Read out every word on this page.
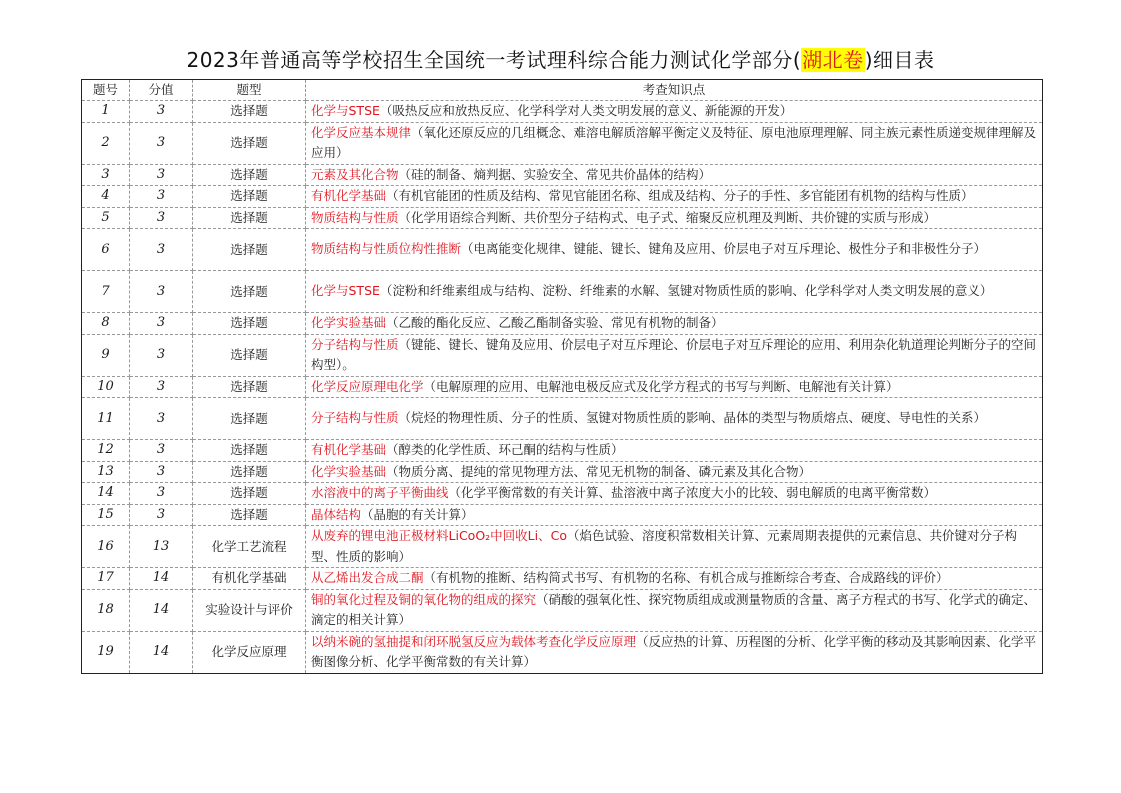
2023年普通高等学校招生全国统一考试理科综合能力测试化学部分(湖北卷)细目表
题号	分值	题型	考查知识点
1	3	选择题	化学与STSE（吸热反应和放热反应、化学科学对人类文明发展的意义、新能源的开发）
2	3	选择题	化学反应基本规律（氧化还原反应的几组概念、难溶电解质溶解平衡定义及特征、原电池原理理解、同主族元素性质递变规律理解及应用）
3	3	选择题	元素及其化合物（硅的制备、熵判据、实验安全、常见共价晶体的结构）
4	3	选择题	有机化学基础（有机官能团的性质及结构、常见官能团名称、组成及结构、分子的手性、多官能团有机物的结构与性质）
5	3	选择题	物质结构与性质（化学用语综合判断、共价型分子结构式、电子式、缩聚反应机理及判断、共价键的实质与形成）
6	3	选择题	物质结构与性质位构性推断（电离能变化规律、键能、键长、键角及应用、价层电子对互斥理论、极性分子和非极性分子）
7	3	选择题	化学与STSE（淀粉和纤维素组成与结构、淀粉、纤维素的水解、氢键对物质性质的影响、化学科学对人类文明发展的意义）
8	3	选择题	化学实验基础（乙酸的酯化反应、乙酸乙酯制备实验、常见有机物的制备）
9	3	选择题	分子结构与性质（键能、键长、键角及应用、价层电子对互斥理论、价层电子对互斥理论的应用、利用杂化轨道理论判断分子的空间构型）。
10	3	选择题	化学反应原理电化学（电解原理的应用、电解池电极反应式及化学方程式的书写与判断、电解池有关计算）
11	3	选择题	分子结构与性质（烷烃的物理性质、分子的性质、氢键对物质性质的影响、晶体的类型与物质熔点、硬度、导电性的关系）
12	3	选择题	有机化学基础（醇类的化学性质、环己酮的结构与性质）
13	3	选择题	化学实验基础（物质分离、提纯的常见物理方法、常见无机物的制备、磷元素及其化合物）
14	3	选择题	水溶液中的离子平衡曲线（化学平衡常数的有关计算、盐溶液中离子浓度大小的比较、弱电解质的电离平衡常数）
15	3	选择题	晶体结构（晶胞的有关计算）
16	13	化学工艺流程	从废弃的锂电池正极材料LiCoO₂中回收Li、Co（焰色试验、溶度积常数相关计算、元素周期表提供的元素信息、共价键对分子构型、性质的影响）
17	14	有机化学基础	从乙烯出发合成二酮（有机物的推断、结构简式书写、有机物的名称、有机合成与推断综合考查、合成路线的评价）
18	14	实验设计与评价	铜的氧化过程及铜的氧化物的组成的探究（硝酸的强氧化性、探究物质组成或测量物质的含量、离子方程式的书写、化学式的确定、滴定的相关计算）
19	14	化学反应原理	以纳米碗的氢抽提和闭环脱氢反应为载体考查化学反应原理（反应热的计算、历程图的分析、化学平衡的移动及其影响因素、化学平衡图像分析、化学平衡常数的有关计算）
